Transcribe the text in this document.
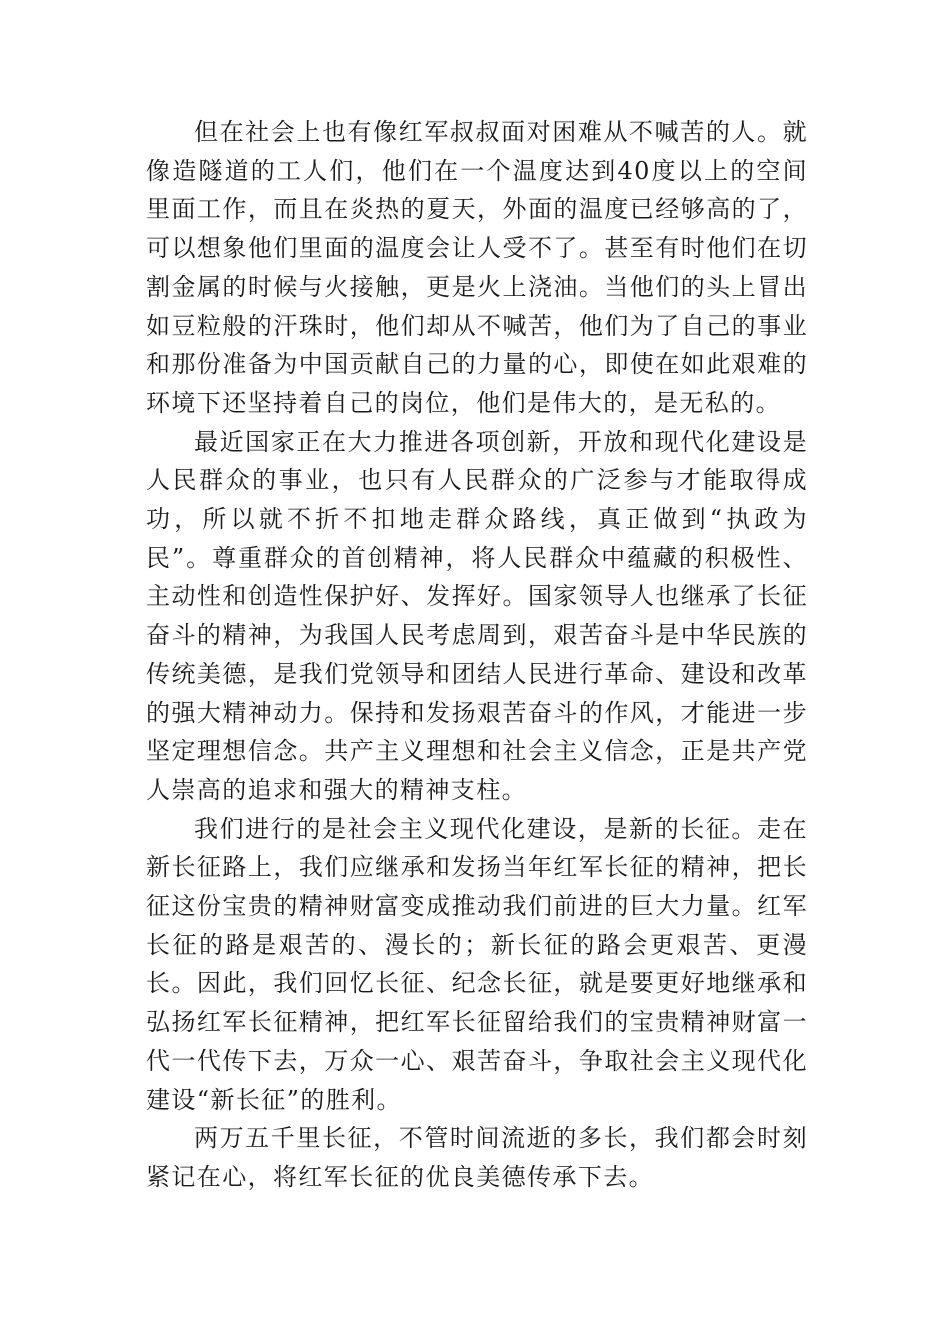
但在社会上也有像红军叔叔面对困难从不喊苦的人。就像造隧道的工人们，他们在一个温度达到40度以上的空间里面工作，而且在炎热的夏天，外面的温度已经够高的了，可以想象他们里面的温度会让人受不了。甚至有时他们在切割金属的时候与火接触，更是火上浇油。当他们的头上冒出如豆粒般的汗珠时，他们却从不喊苦，他们为了自己的事业和那份准备为中国贡献自己的力量的心，即使在如此艰难的环境下还坚持着自己的岗位，他们是伟大的，是无私的。

最近国家正在大力推进各项创新，开放和现代化建设是人民群众的事业，也只有人民群众的广泛参与才能取得成功，所以就不折不扣地走群众路线，真正做到“执政为民”。尊重群众的首创精神，将人民群众中蕴藏的积极性、主动性和创造性保护好、发挥好。国家领导人也继承了长征奋斗的精神，为我国人民考虑周到，艰苦奋斗是中华民族的传统美德，是我们党领导和团结人民进行革命、建设和改革的强大精神动力。保持和发扬艰苦奋斗的作风，才能进一步坚定理想信念。共产主义理想和社会主义信念，正是共产党人崇高的追求和强大的精神支柱。

我们进行的是社会主义现代化建设，是新的长征。走在新长征路上，我们应继承和发扬当年红军长征的精神，把长征这份宝贵的精神财富变成推动我们前进的巨大力量。红军长征的路是艰苦的、漫长的；新长征的路会更艰苦、更漫长。因此，我们回忆长征、纪念长征，就是要更好地继承和弘扬红军长征精神，把红军长征留给我们的宝贵精神财富一代一代传下去，万众一心、艰苦奋斗，争取社会主义现代化建设“新长征”的胜利。

两万五千里长征，不管时间流逝的多长，我们都会时刻紧记在心，将红军长征的优良美德传承下去。
